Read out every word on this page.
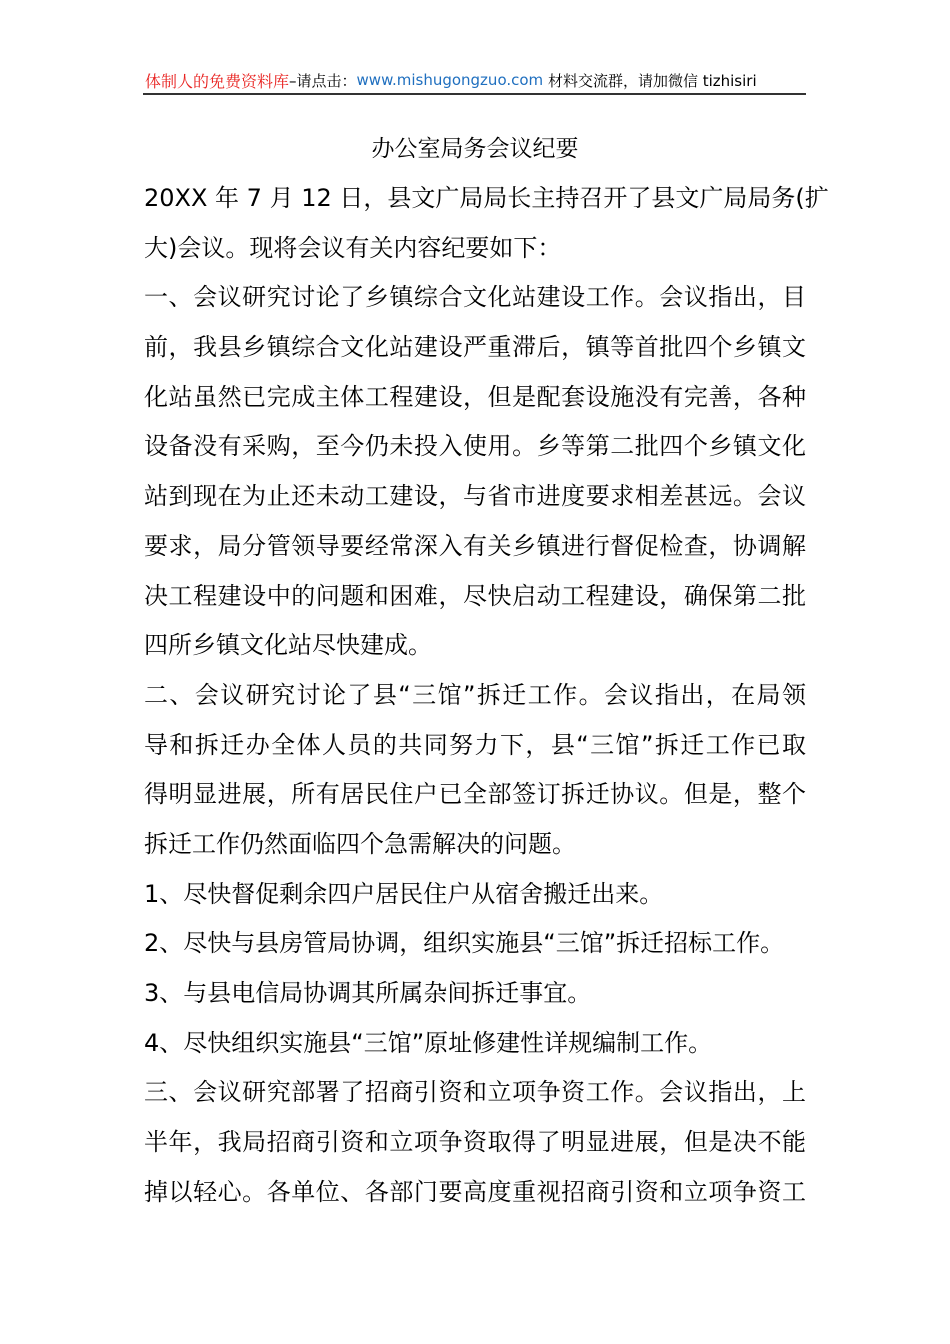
体制人的免费资料库 –请点击： www.mishugongzuo.com 材料交流群，请加微信 tizhisiri
办公室局务会议纪要
20XX 年 7 月 12 日，县文广局局长主持召开了县文广局局务(扩
大)会议。现将会议有关内容纪要如下：
一、会议研究讨论了乡镇综合文化站建设工作。会议指出，目
前，我县乡镇综合文化站建设严重滞后，镇等首批四个乡镇文
化站虽然已完成主体工程建设，但是配套设施没有完善，各种
设备没有采购，至今仍未投入使用。乡等第二批四个乡镇文化
站到现在为止还未动工建设，与省市进度要求相差甚远。会议
要求，局分管领导要经常深入有关乡镇进行督促检查，协调解
决工程建设中的问题和困难，尽快启动工程建设，确保第二批
四所乡镇文化站尽快建成。
二、会议研究讨论了县“三馆”拆迁工作。会议指出，在局领
导和拆迁办全体人员的共同努力下，县“三馆”拆迁工作已取
得明显进展，所有居民住户已全部签订拆迁协议。但是，整个
拆迁工作仍然面临四个急需解决的问题。
1、尽快督促剩余四户居民住户从宿舍搬迁出来。
2、尽快与县房管局协调，组织实施县“三馆”拆迁招标工作。
3、与县电信局协调其所属杂间拆迁事宜。
4、尽快组织实施县“三馆”原址修建性详规编制工作。
三、会议研究部署了招商引资和立项争资工作。会议指出，上
半年，我局招商引资和立项争资取得了明显进展，但是决不能
掉以轻心。各单位、各部门要高度重视招商引资和立项争资工
